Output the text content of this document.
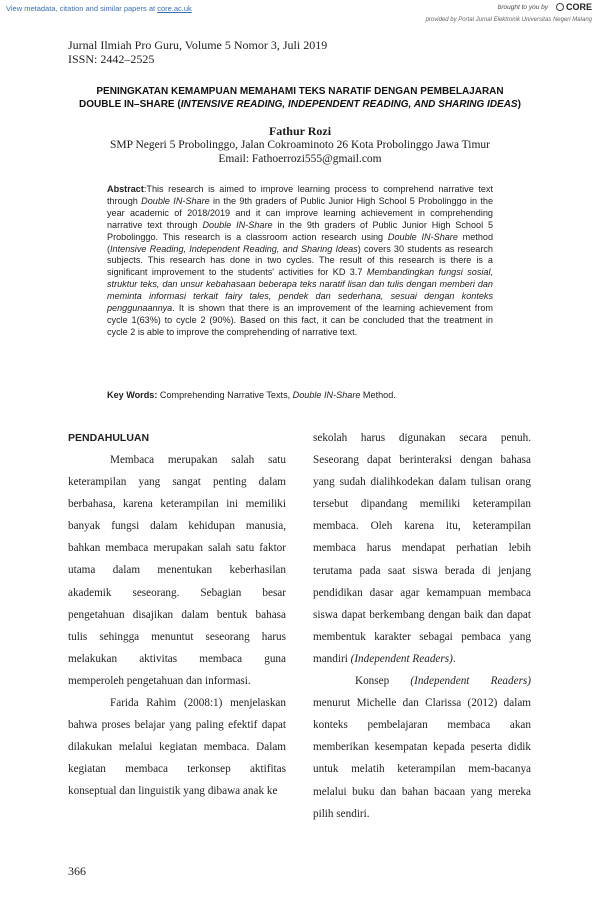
View metadata, citation and similar papers at core.ac.uk	brought to you by	CORE
provided by Portal Jurnal Elektronik Universitas Negeri Malang
Jurnal Ilmiah Pro Guru, Volume 5 Nomor 3, Juli 2019
ISSN: 2442–2525
PENINGKATAN KEMAMPUAN MEMAHAMI TEKS NARATIF DENGAN PEMBELAJARAN
DOUBLE IN–SHARE (INTENSIVE READING, INDEPENDENT READING, AND SHARING IDEAS)
Fathur Rozi
SMP Negeri 5 Probolinggo, Jalan Cokroaminoto 26 Kota Probolinggo Jawa Timur
Email: Fathoerrozi555@gmail.com
Abstract:This research is aimed to improve learning process to comprehend narrative text through Double IN-Share in the 9th graders of Public Junior High School 5 Probolinggo in the year academic of 2018/2019 and it can improve learning achievement in comprehending narrative text through Double IN-Share in the 9th graders of Public Junior High School 5 Probolinggo. This research is a classroom action research using Double IN-Share method (Intensive Reading, Independent Reading, and Sharing Ideas) covers 30 students as research subjects. This research has done in two cycles. The result of this research is there is a significant improvement to the students' activities for KD 3.7 Membandingkan fungsi sosial, struktur teks, dan unsur kebahasaan beberapa teks naratif lisan dan tulis dengan memberi dan meminta informasi terkait fairy tales, pendek dan sederhana, sesuai dengan konteks penggunaannya. It is shown that there is an improvement of the learning achievement from cycle 1(63%) to cycle 2 (90%). Based on this fact, it can be concluded that the treatment in cycle 2 is able to improve the comprehending of narrative text.
Key Words: Comprehending Narrative Texts, Double IN-Share Method.
PENDAHULUAN

Membaca merupakan salah satu keterampilan yang sangat penting dalam berbahasa, karena keterampilan ini memiliki banyak fungsi dalam kehidupan manusia, bahkan membaca merupakan salah satu faktor utama dalam menentukan keberhasilan akademik seseorang. Sebagian besar pengetahuan disajikan dalam bentuk bahasa tulis sehingga menuntut seseorang harus melakukan aktivitas membaca guna memperoleh pengetahuan dan informasi.

Farida Rahim (2008:1) menjelaskan bahwa proses belajar yang paling efektif dapat dilakukan melalui kegiatan membaca. Dalam kegiatan membaca terkonsep aktifitas konseptual dan linguistik yang dibawa anak ke

sekolah harus digunakan secara penuh. Seseorang dapat berinteraksi dengan bahasa yang sudah dialihkodekan dalam tulisan orang tersebut dipandang memiliki keterampilan membaca. Oleh karena itu, keterampilan membaca harus mendapat perhatian lebih terutama pada saat siswa berada di jenjang pendidikan dasar agar kemampuan membaca siswa dapat berkembang dengan baik dan dapat membentuk karakter sebagai pembaca yang mandiri (Independent Readers).

Konsep (Independent Readers) menurut Michelle dan Clarissa (2012) dalam konteks pembelajaran membaca akan memberikan kesempatan kepada peserta didik untuk melatih keterampilan mem-bacanya melalui buku dan bahan bacaan yang mereka pilih sendiri.

366
